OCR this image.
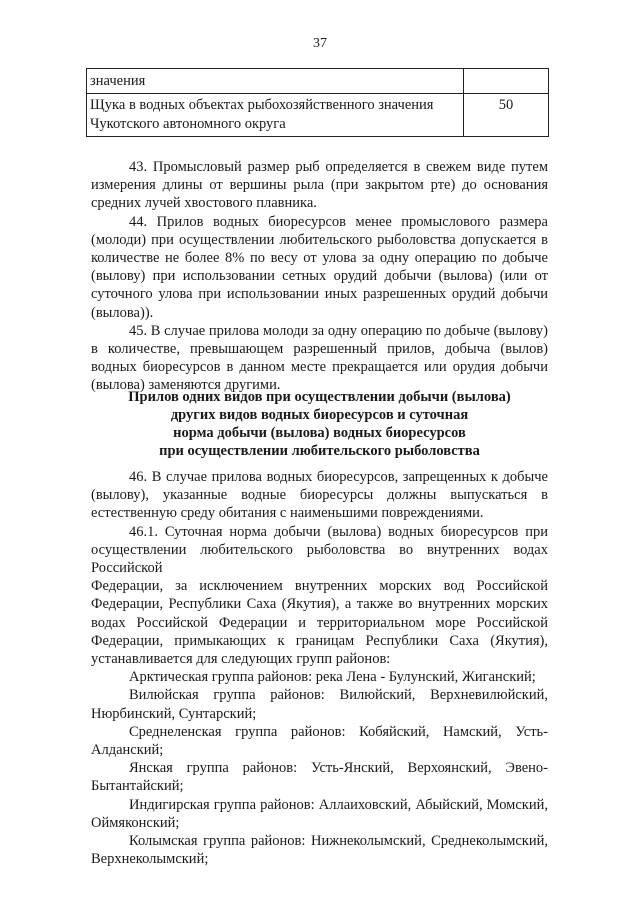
37
значения	

Щука в водных объектах рыбохозяйственного значения
Чукотского автономного округа	50

43. Промысловый размер рыб определяется в свежем виде путем измерения длины от вершины рыла (при закрытом рте) до основания средних лучей хвостового плавника.

44. Прилов водных биоресурсов менее промыслового размера (молоди) при осуществлении любительского рыболовства допускается в количестве не более 8% по весу от улова за одну операцию по добыче (вылову) при использовании сетных орудий добычи (вылова) (или от суточного улова при использовании иных разрешенных орудий добычи (вылова)).

45. В случае прилова молоди за одну операцию по добыче (вылову) в количестве, превышающем разрешенный прилов, добыча (вылов) водных биоресурсов в данном месте прекращается или орудия добычи (вылова) заменяются другими.

Прилов одних видов при осуществлении добычи (вылова)
других видов водных биоресурсов и суточная
норма добычи (вылова) водных биоресурсов
при осуществлении любительского рыболовства

46. В случае прилова водных биоресурсов, запрещенных к добыче (вылову), указанные водные биоресурсы должны выпускаться в естественную среду обитания с наименьшими повреждениями.

46.1. Суточная норма добычи (вылова) водных биоресурсов при осуществлении любительского рыболовства во внутренних водах Российской

Федерации, за исключением внутренних морских вод Российской Федерации, Республики Саха (Якутия), а также во внутренних морских водах Российской Федерации и территориальном море Российской Федерации, примыкающих к границам Республики Саха (Якутия), устанавливается для следующих групп районов:

Арктическая группа районов: река Лена - Булунский, Жиганский;

Вилюйская группа районов: Вилюйский, Верхневилюйский, Нюрбинский, Сунтарский;

Среднеленская группа районов: Кобяйский, Намский, Усть-Алданский;

Янская группа районов: Усть-Янский, Верхоянский, Эвено-Бытантайский;

Индигирская группа районов: Аллаиховский, Абыйский, Момский, Оймяконский;

Колымская группа районов: Нижнеколымский, Среднеколымский, Верхнеколымский;
